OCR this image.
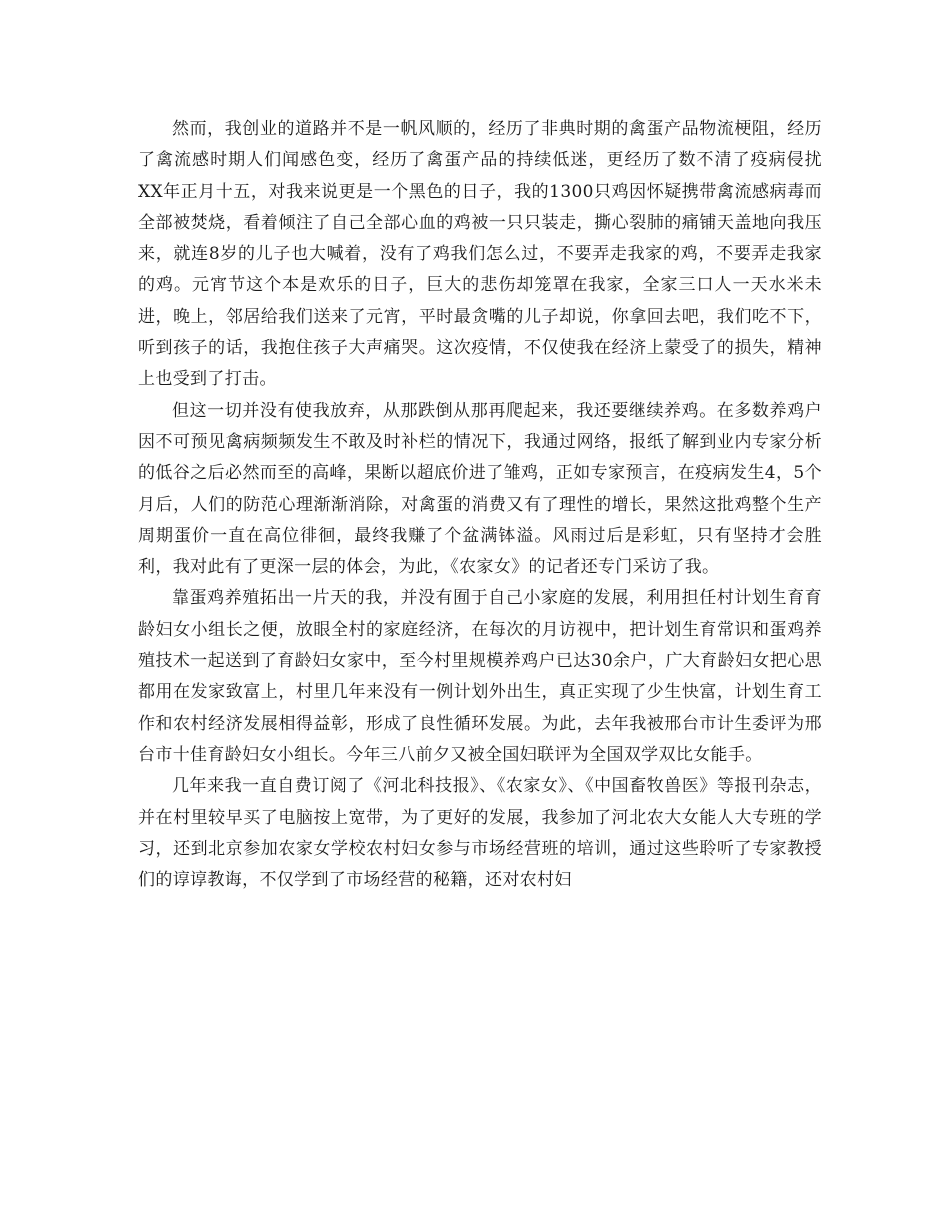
然而，我创业的道路并不是一帆风顺的，经历了非典时期的禽蛋产品物流梗阻，经历了禽流感时期人们闻感色变，经历了禽蛋产品的持续低迷，更经历了数不清了疫病侵扰XX年正月十五，对我来说更是一个黑色的日子，我的1300只鸡因怀疑携带禽流感病毒而全部被焚烧，看着倾注了自己全部心血的鸡被一只只装走，撕心裂肺的痛铺天盖地向我压来，就连8岁的儿子也大喊着，没有了鸡我们怎么过，不要弄走我家的鸡，不要弄走我家的鸡。元宵节这个本是欢乐的日子，巨大的悲伤却笼罩在我家，全家三口人一天水米未进，晚上，邻居给我们送来了元宵，平时最贪嘴的儿子却说，你拿回去吧，我们吃不下，听到孩子的话，我抱住孩子大声痛哭。这次疫情，不仅使我在经济上蒙受了的损失，精神上也受到了打击。

但这一切并没有使我放弃，从那跌倒从那再爬起来，我还要继续养鸡。在多数养鸡户因不可预见禽病频频发生不敢及时补栏的情况下，我通过网络，报纸了解到业内专家分析的低谷之后必然而至的高峰，果断以超底价进了雏鸡，正如专家预言，在疫病发生4，5个月后，人们的防范心理渐渐消除，对禽蛋的消费又有了理性的增长，果然这批鸡整个生产周期蛋价一直在高位徘徊，最终我赚了个盆满钵溢。风雨过后是彩虹，只有坚持才会胜利，我对此有了更深一层的体会，为此，《农家女》的记者还专门采访了我。

靠蛋鸡养殖拓出一片天的我，并没有囿于自己小家庭的发展，利用担任村计划生育育龄妇女小组长之便，放眼全村的家庭经济，在每次的月访视中，把计划生育常识和蛋鸡养殖技术一起送到了育龄妇女家中，至今村里规模养鸡户已达30余户，广大育龄妇女把心思都用在发家致富上，村里几年来没有一例计划外出生，真正实现了少生快富，计划生育工作和农村经济发展相得益彰，形成了良性循环发展。为此，去年我被邢台市计生委评为邢台市十佳育龄妇女小组长。今年三八前夕又被全国妇联评为全国双学双比女能手。

几年来我一直自费订阅了《河北科技报》、《农家女》、《中国畜牧兽医》等报刊杂志，并在村里较早买了电脑按上宽带，为了更好的发展，我参加了河北农大女能人大专班的学习，还到北京参加农家女学校农村妇女参与市场经营班的培训，通过这些聆听了专家教授们的谆谆教诲，不仅学到了市场经营的秘籍，还对农村妇
